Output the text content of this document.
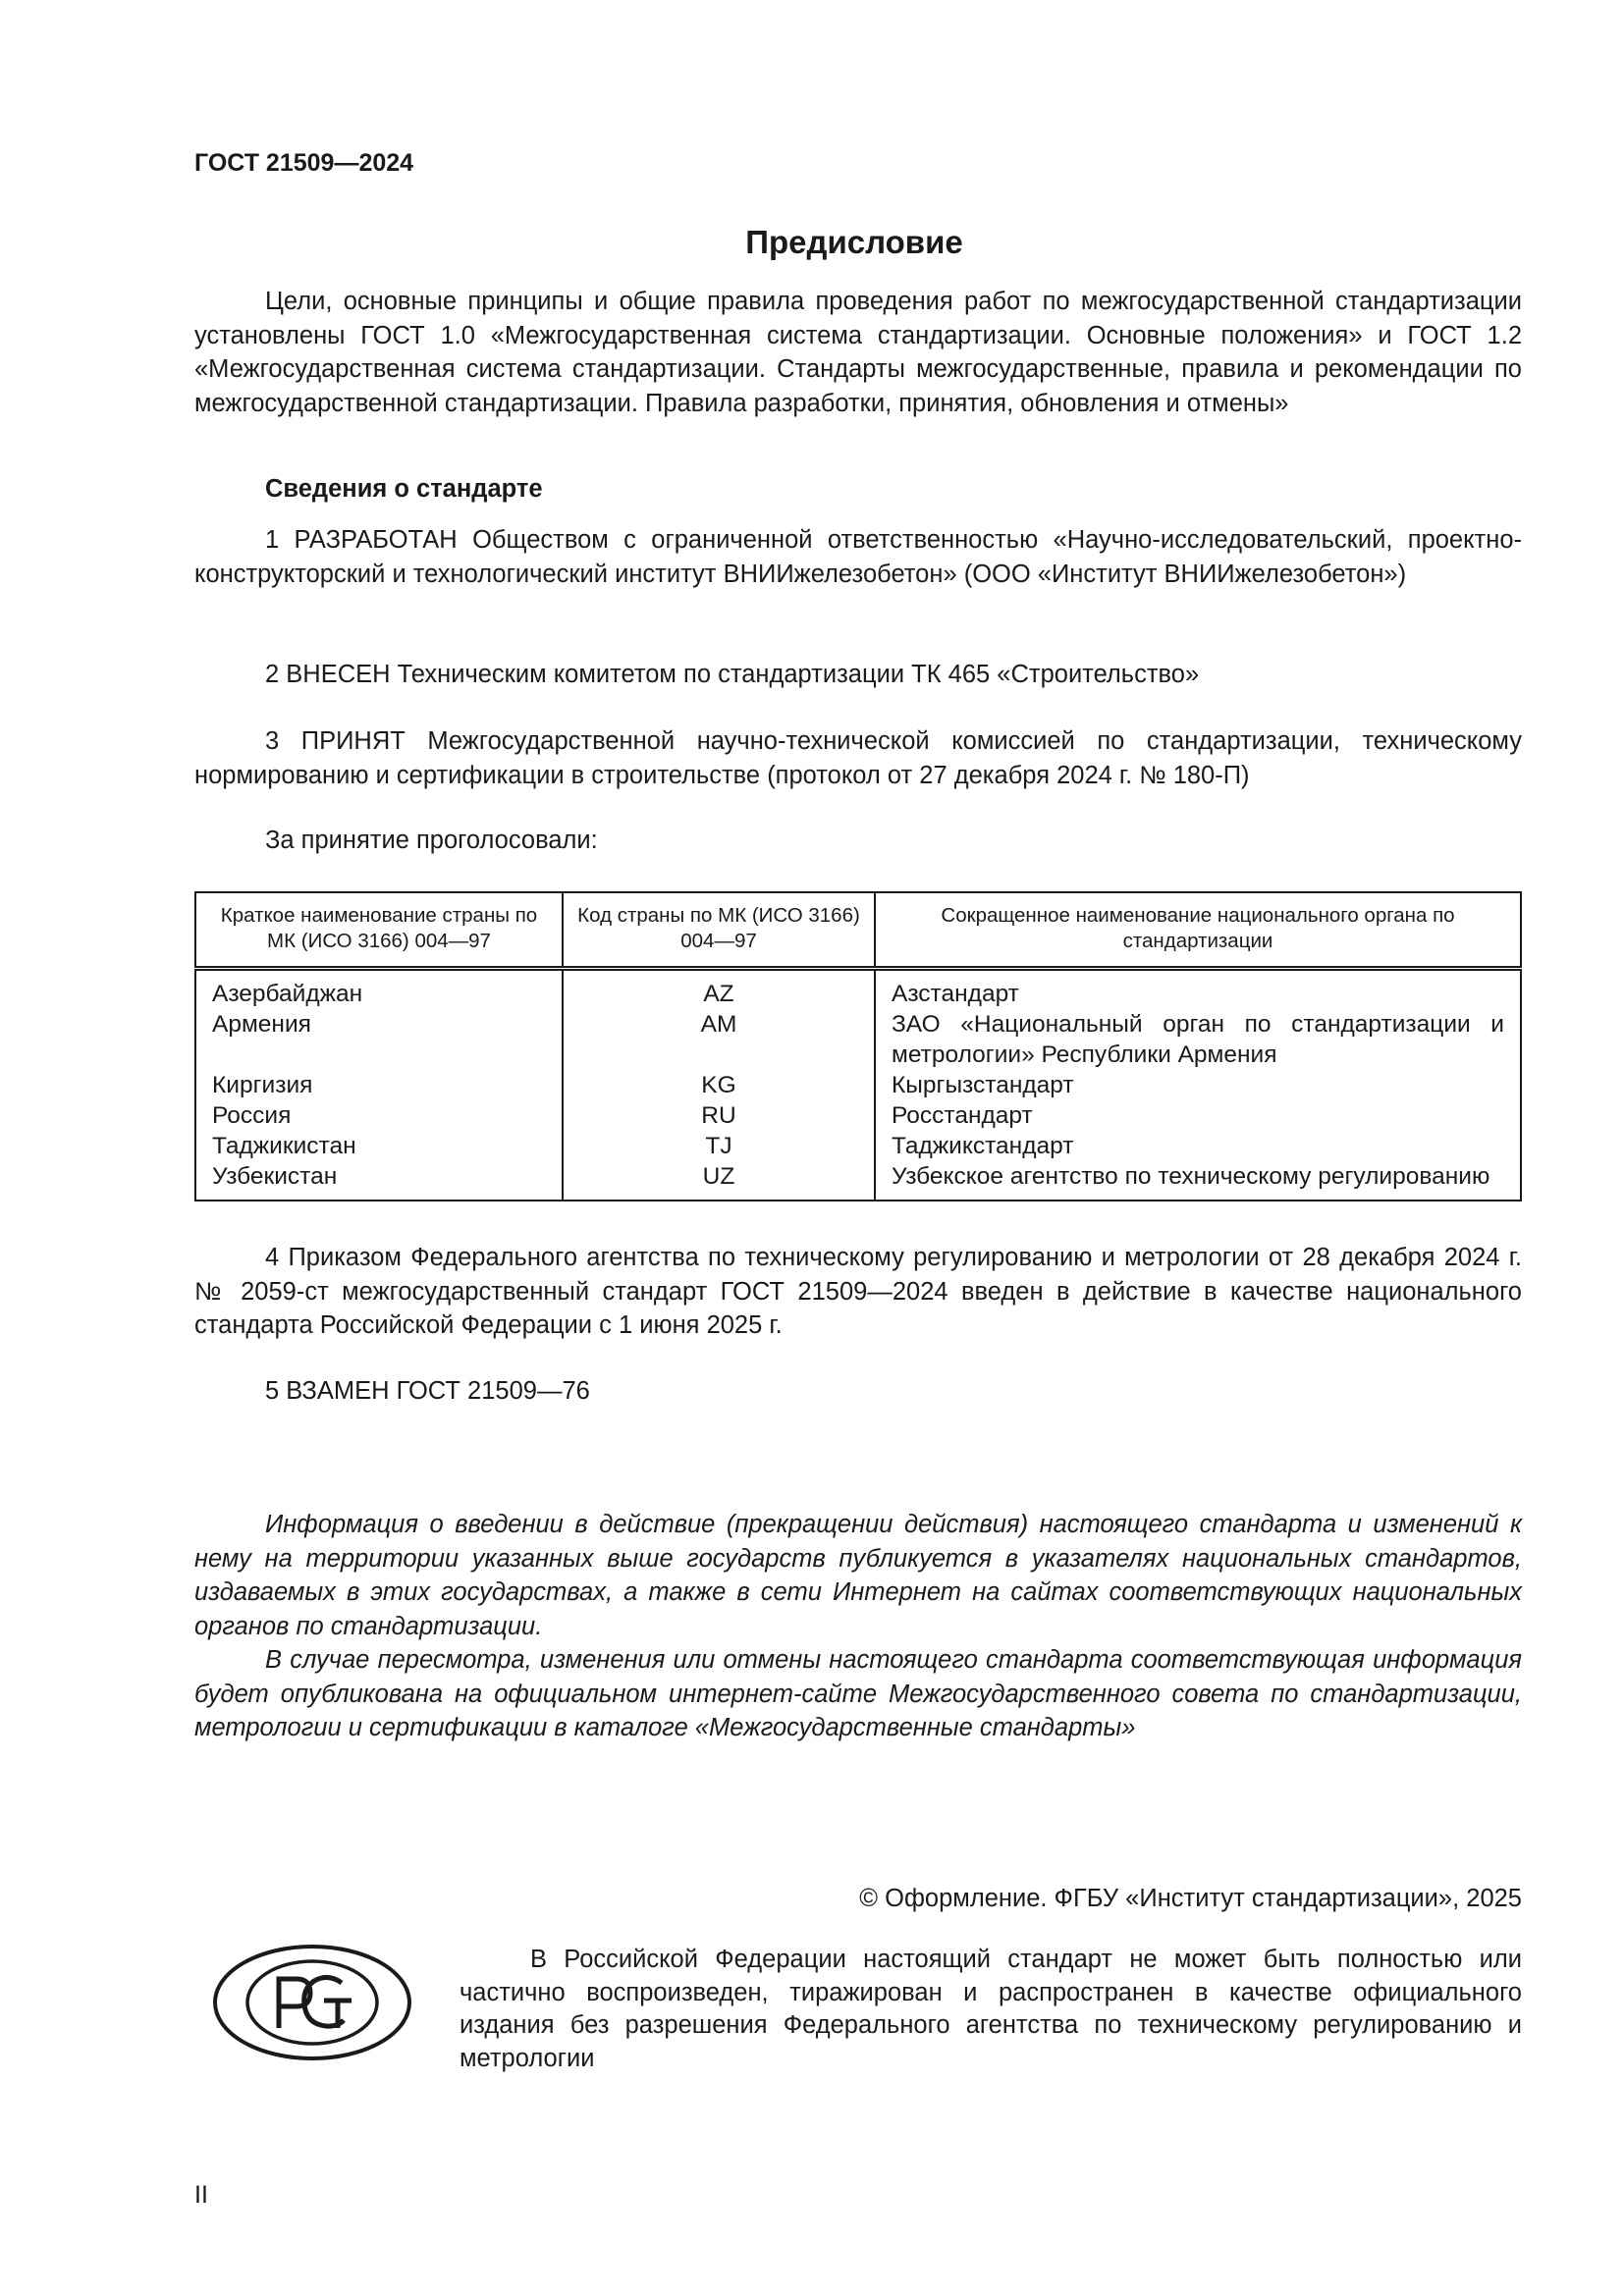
ГОСТ 21509—2024
Предисловие

Цели, основные принципы и общие правила проведения работ по межгосударственной стандартизации установлены ГОСТ 1.0 «Межгосударственная система стандартизации. Основные положения» и ГОСТ 1.2 «Межгосударственная система стандартизации. Стандарты межгосударственные, правила и рекомендации по межгосударственной стандартизации. Правила разработки, принятия, обновления и отмены»

Сведения о стандарте

1 РАЗРАБОТАН Обществом с ограниченной ответственностью «Научно-исследовательский, проектно-конструкторский и технологический институт ВНИИжелезобетон» (ООО «Институт ВНИИжелезобетон»)

2 ВНЕСЕН Техническим комитетом по стандартизации ТК 465 «Строительство»

3 ПРИНЯТ Межгосударственной научно-технической комиссией по стандартизации, техническому нормированию и сертификации в строительстве (протокол от 27 декабря 2024 г. № 180-П)

За принятие проголосовали:
Краткое наименование страны по МК (ИСО 3166) 004—97	Код страны по МК (ИСО 3166) 004—97	Сокращенное наименование национального органа по стандартизации
Азербайджан	AZ	Азстандарт
Армения	AM	ЗАО «Национальный орган по стандартизации и метрологии» Республики Армения
Киргизия	KG	Кыргызстандарт
Россия	RU	Росстандарт
Таджикистан	TJ	Таджикстандарт
Узбекистан	UZ	Узбекское агентство по техническому регулированию

4 Приказом Федерального агентства по техническому регулированию и метрологии от 28 декабря 2024 г. № 2059-ст межгосударственный стандарт ГОСТ 21509—2024 введен в действие в качестве национального стандарта Российской Федерации с 1 июня 2025 г.

5 ВЗАМЕН ГОСТ 21509—76

Информация о введении в действие (прекращении действия) настоящего стандарта и изменений к нему на территории указанных выше государств публикуется в указателях национальных стандартов, издаваемых в этих государствах, а также в сети Интернет на сайтах соответствующих национальных органов по стандартизации.

В случае пересмотра, изменения или отмены настоящего стандарта соответствующая информация будет опубликована на официальном интернет-сайте Межгосударственного совета по стандартизации, метрологии и сертификации в каталоге «Межгосударственные стандарты»

© Оформление. ФГБУ «Институт стандартизации», 2025

В Российской Федерации настоящий стандарт не может быть полностью или частично воспроизведен, тиражирован и распространен в качестве официального издания без разрешения Федерального агентства по техническому регулированию и метрологии

II
